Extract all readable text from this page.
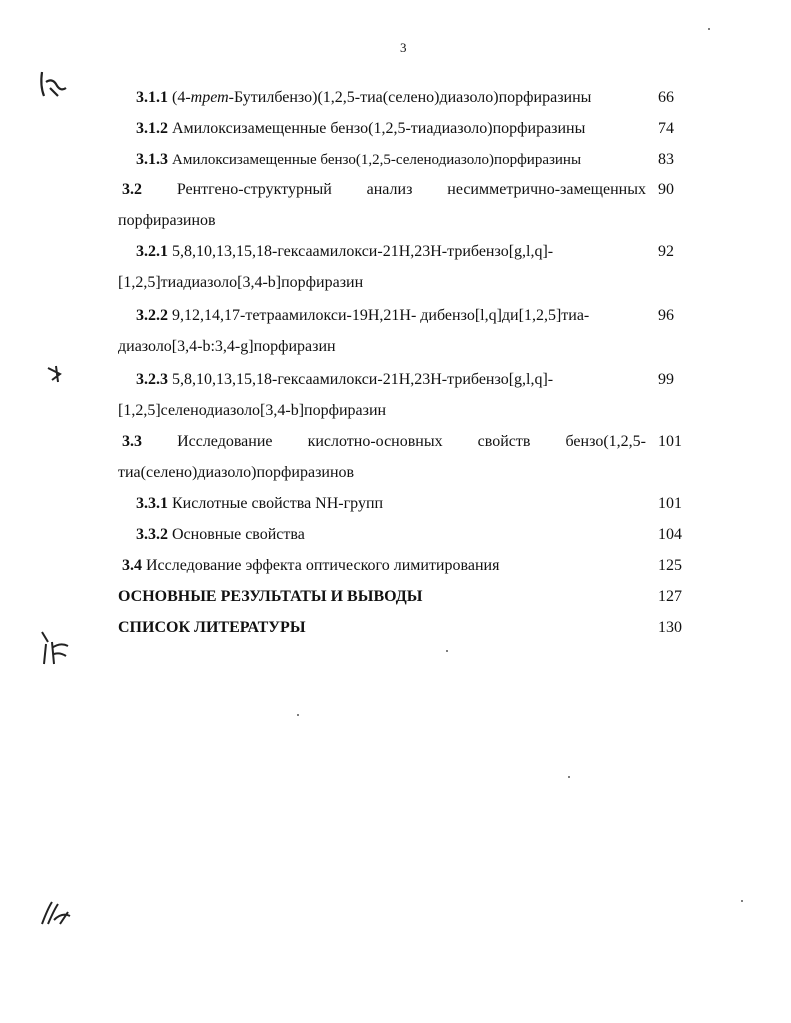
3
3.1.1 (4-трет-Бутилбензо)(1,2,5-тиа(селено)диазоло)порфиразины	66
3.1.2 Амилоксизамещенные бензо(1,2,5-тиадиазоло)порфиразины	74
3.1.3 Амилоксизамещенные бензо(1,2,5-селенодиазоло)порфиразины	83
3.2 Рентгено-структурный анализ несимметрично-замещенных 90
порфиразинов
3.2.1 5,8,10,13,15,18-гексаамилокси-21Н,23Н-трибензо[g,l,q]-	92
[1,2,5]тиадиазоло[3,4-b]порфиразин
3.2.2 9,12,14,17-тетраамилокси-19Н,21Н- дибензо[l,q]ди[1,2,5]тиа-	96
диазоло[3,4-b:3,4-g]порфиразин
3.2.3 5,8,10,13,15,18-гексаамилокси-21Н,23Н-трибензо[g,l,q]-	99
[1,2,5]селенодиазоло[3,4-b]порфиразин
3.3 Исследование кислотно-основных свойств бензо(1,2,5- 101
тиа(селено)диазоло)порфиразинов
3.3.1 Кислотные свойства NH-групп	101
3.3.2 Основные свойства	104
3.4 Исследование эффекта оптического лимитирования	125
ОСНОВНЫЕ РЕЗУЛЬТАТЫ И ВЫВОДЫ	127
СПИСОК ЛИТЕРАТУРЫ	130
